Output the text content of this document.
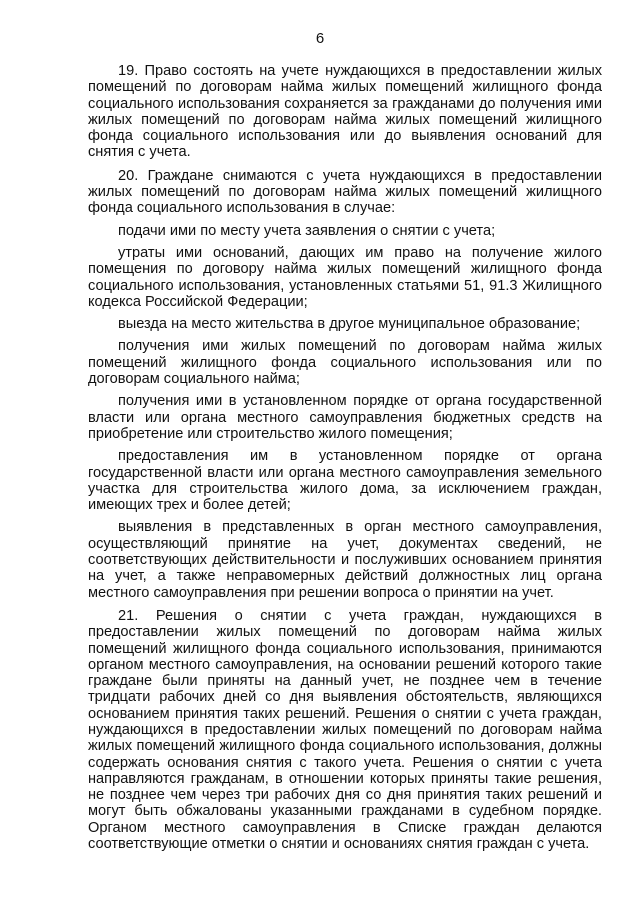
6

19. Право состоять на учете нуждающихся в предоставлении жилых помещений по договорам найма жилых помещений жилищного фонда социального использования сохраняется за гражданами до получения ими жилых помещений по договорам найма жилых помещений жилищного фонда социального использования или до выявления оснований для снятия с учета.

20. Граждане снимаются с учета нуждающихся в предоставлении жилых помещений по договорам найма жилых помещений жилищного фонда социального использования в случае:

подачи ими по месту учета заявления о снятии с учета;

утраты ими оснований, дающих им право на получение жилого помещения по договору найма жилых помещений жилищного фонда социального использования, установленных статьями 51, 91.3 Жилищного кодекса Российской Федерации;

выезда на место жительства в другое муниципальное образование;

получения ими жилых помещений по договорам найма жилых помещений жилищного фонда социального использования или по договорам социального найма;

получения ими в установленном порядке от органа государственной власти или органа местного самоуправления бюджетных средств на приобретение или строительство жилого помещения;

предоставления им в установленном порядке от органа государственной власти или органа местного самоуправления земельного участка для строительства жилого дома, за исключением граждан, имеющих трех и более детей;

выявления в представленных в орган местного самоуправления, осуществляющий принятие на учет, документах сведений, не соответствующих действительности и послуживших основанием принятия на учет, а также неправомерных действий должностных лиц органа местного самоуправления при решении вопроса о принятии на учет.

21. Решения о снятии с учета граждан, нуждающихся в предоставлении жилых помещений по договорам найма жилых помещений жилищного фонда социального использования, принимаются органом местного самоуправления, на основании решений которого такие граждане были приняты на данный учет, не позднее чем в течение тридцати рабочих дней со дня выявления обстоятельств, являющихся основанием принятия таких решений. Решения о снятии с учета граждан, нуждающихся в предоставлении жилых помещений по договорам найма жилых помещений жилищного фонда социального использования, должны содержать основания снятия с такого учета. Решения о снятии с учета направляются гражданам, в отношении которых приняты такие решения, не позднее чем через три рабочих дня со дня принятия таких решений и могут быть обжалованы указанными гражданами в судебном порядке. Органом местного самоуправления в Списке граждан делаются соответствующие отметки о снятии и основаниях снятия граждан с учета.
